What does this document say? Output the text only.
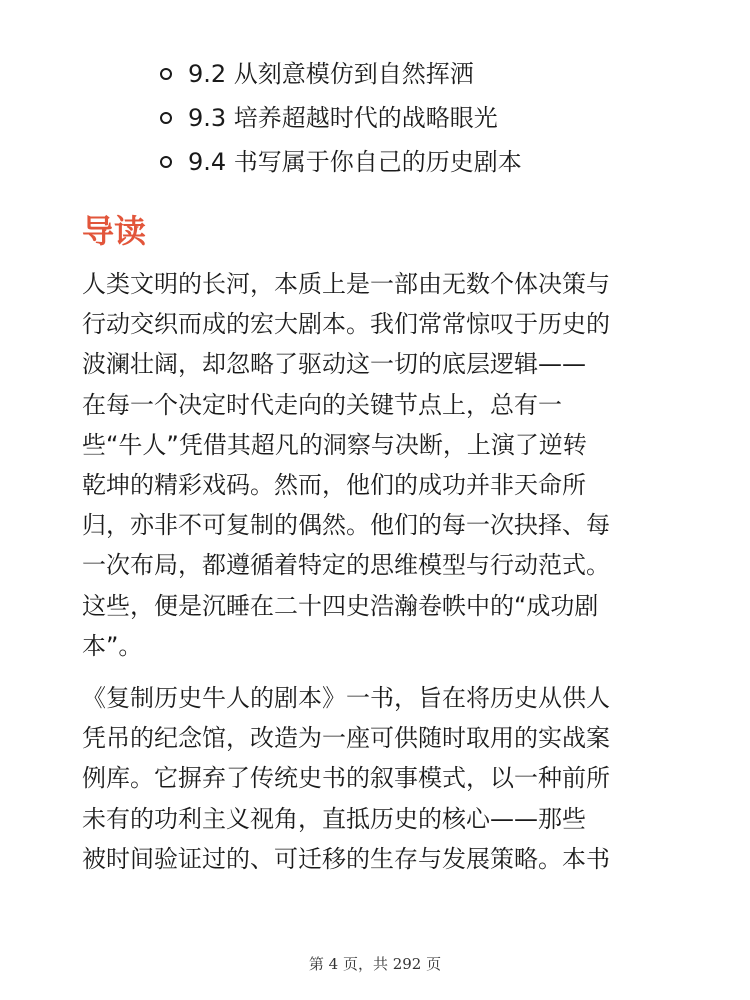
9.2 从刻意模仿到自然挥洒
9.3 培养超越时代的战略眼光
9.4 书写属于你自己的历史剧本
导读

人类文明的长河，本质上是一部由无数个体决策与
行动交织而成的宏大剧本。我们常常惊叹于历史的
波澜壮阔，却忽略了驱动这一切的底层逻辑——
在每一个决定时代走向的关键节点上，总有一
些“牛人”凭借其超凡的洞察与决断，上演了逆转
乾坤的精彩戏码。然而，他们的成功并非天命所
归，亦非不可复制的偶然。他们的每一次抉择、每
一次布局，都遵循着特定的思维模型与行动范式。
这些，便是沉睡在二十四史浩瀚卷帙中的“成功剧
本”。

《复制历史牛人的剧本》一书，旨在将历史从供人
凭吊的纪念馆，改造为一座可供随时取用的实战案
例库。它摒弃了传统史书的叙事模式，以一种前所
未有的功利主义视角，直抵历史的核心——那些
被时间验证过的、可迁移的生存与发展策略。本书

第 4 页，共 292 页
